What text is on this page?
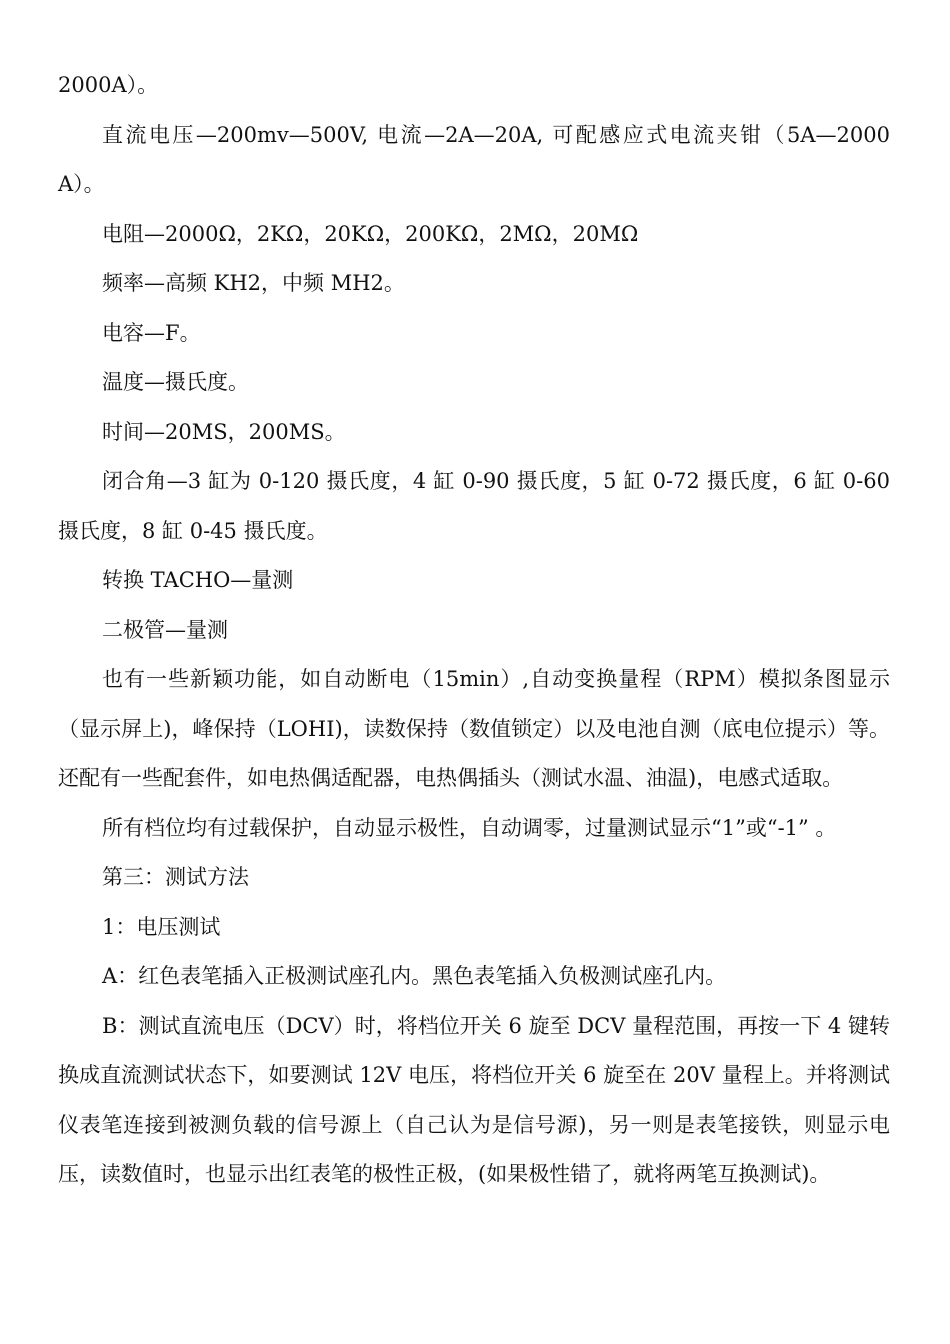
2000A）。

直流电压—200mv—500V, 电流—2A—20A, 可配感应式电流夹钳（5A—2000A）。

电阻—2000Ω，2KΩ，20KΩ，200KΩ，2MΩ，20MΩ

频率—高频 KH2，中频 MH2。

电容—F。

温度—摄氏度。

时间—20MS，200MS。

闭合角—3 缸为 0-120 摄氏度，4 缸 0-90 摄氏度，5 缸 0-72 摄氏度，6 缸 0-60 摄氏度，8 缸 0-45 摄氏度。

转换 TACHO—量测

二极管—量测

也有一些新颖功能，如自动断电（15min）,自动变换量程（RPM）模拟条图显示（显示屏上)，峰保持（LOHI)，读数保持（数值锁定）以及电池自测（底电位提示）等。还配有一些配套件，如电热偶适配器，电热偶插头（测试水温、油温)，电感式适取。

所有档位均有过载保护，自动显示极性，自动调零，过量测试显示“1”或“-1” 。

第三：测试方法

1：电压测试

A：红色表笔插入正极测试座孔内。黑色表笔插入负极测试座孔内。

B：测试直流电压（DCV）时，将档位开关 6 旋至 DCV 量程范围，再按一下 4 键转换成直流测试状态下，如要测试 12V 电压，将档位开关 6 旋至在 20V 量程上。并将测试仪表笔连接到被测负载的信号源上（自己认为是信号源)，另一则是表笔接铁，则显示电压，读数值时，也显示出红表笔的极性正极，(如果极性错了，就将两笔互换测试)。
